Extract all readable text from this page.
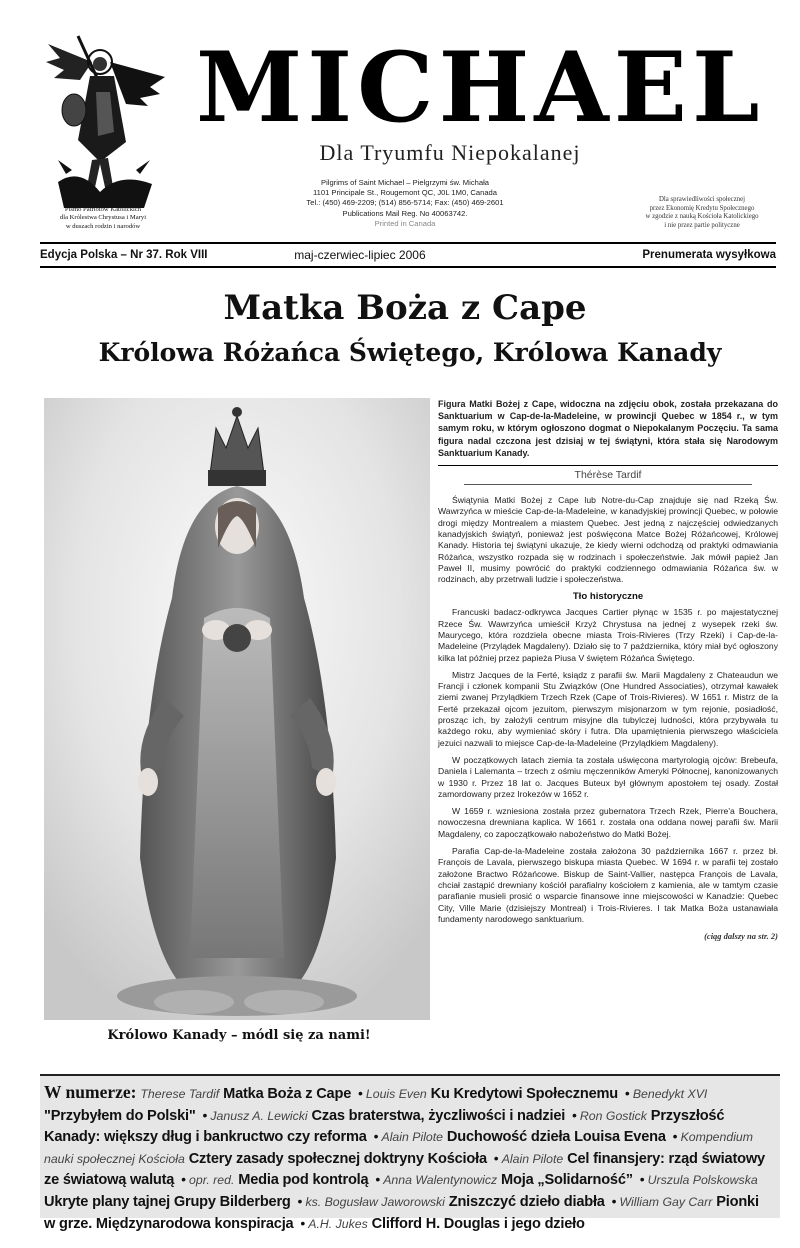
Pismo Patriotów Katolickich
dla Królestwa Chrystusa i Maryi
w duszach rodzin i narodów
MICHAEL
Dla Tryumfu Niepokalanej
Pilgrims of Saint Michael – Pielgrzymi św. Michała
1101 Principale St., Rougemont QC, J0L 1M0, Canada
Tel.: (450) 469-2209; (514) 856-5714; Fax: (450) 469-2601
Publications Mail Reg. No 40063742.
Printed in Canada
Dla sprawiedliwości społecznej
przez Ekonomię Kredytu Społecznego
w zgodzie z nauką Kościoła Katolickiego
i nie przez partie polityczne
Edycja Polska – Nr 37. Rok VIII	maj-czerwiec-lipiec 2006	Prenumerata wysyłkowa
Matka Boża z Cape
Królowa Różańca Świętego, Królowa Kanady
Królowo Kanady – módl się za nami!
Figura Matki Bożej z Cape, widoczna na zdjęciu obok, została przekazana do Sanktuarium w Cap-de-la-Madeleine, w prowincji Quebec w 1854 r., w tym samym roku, w którym ogłoszono dogmat o Niepokalanym Poczęciu. Ta sama figura nadal czczona jest dzisiaj w tej świątyni, która stała się Narodowym Sanktuarium Kanady.
Thérèse Tardif

Świątynia Matki Bożej z Cape lub Notre-du-Cap znajduje się nad Rzeką Św. Wawrzyńca w mieście Cap-de-la-Madeleine, w kanadyjskiej prowincji Quebec, w połowie drogi między Montrealem a miastem Quebec. Jest jedną z najczęściej odwiedzanych kanadyjskich świątyń, ponieważ jest poświęcona Matce Bożej Różańcowej, Królowej Kanady. Historia tej świątyni ukazuje, że kiedy wierni odchodzą od praktyki odmawiania Różańca, wszystko rozpada się w rodzinach i społeczeństwie. Jak mówił papież Jan Paweł II, musimy powrócić do praktyki codziennego odmawiania Różańca św. w rodzinach, aby przetrwali ludzie i społeczeństwa.

Tło historyczne

Francuski badacz-odkrywca Jacques Cartier płynąc w 1535 r. po majestatycznej Rzece Św. Wawrzyńca umieścił Krzyż Chrystusa na jednej z wysepek rzeki św. Maurycego, która rozdziela obecne miasta Trois-Rivieres (Trzy Rzeki) i Cap-de-la-Madeleine (Przylądek Magdaleny). Działo się to 7 października, który miał być ogłoszony kilka lat później przez papieża Piusa V świętem Różańca Świętego.

Mistrz Jacques de la Ferté, ksiądz z parafii św. Marii Magdaleny z Chateaudun we Francji i członek kompanii Stu Związków (One Hundred Associaties), otrzymał kawałek ziemi zwanej Przylądkiem Trzech Rzek (Cape of Trois-Rivieres). W 1651 r. Mistrz de la Ferté przekazał ojcom jezuitom, pierwszym misjonarzom w tym rejonie, posiadłość, prosząc ich, by założyli centrum misyjne dla tubylczej ludności, która przybywała tu każdego roku, aby wymieniać skóry i futra. Dla upamiętnienia pierwszego właściciela jezuici nazwali to miejsce Cap-de-la-Madeleine (Przylądkiem Magdaleny).

W początkowych latach ziemia ta została uświęcona martyrologią ojców: Brebeufa, Daniela i Lalemanta – trzech z ośmiu męczenników Ameryki Północnej, kanonizowanych w 1930 r. Przez 18 lat o. Jacques Buteux był głównym apostołem tej osady. Został zamordowany przez Irokezów w 1652 r.

W 1659 r. wzniesiona została przez gubernatora Trzech Rzek, Pierre'a Bouchera, nowoczesna drewniana kaplica. W 1661 r. została ona oddana nowej parafii św. Marii Magdaleny, co zapoczątkowało nabożeństwo do Matki Bożej.

Parafia Cap-de-la-Madeleine została założona 30 października 1667 r. przez bł. François de Lavala, pierwszego biskupa miasta Quebec. W 1694 r. w parafii tej zostało założone Bractwo Różańcowe. Biskup de Saint-Vallier, następca François de Lavala, chciał zastąpić drewniany kościół parafialny kościołem z kamienia, ale w tamtym czasie parafianie musieli prosić o wsparcie finansowe inne miejscowości w Kanadzie: Quebec City, Ville Marie (dzisiejszy Montreal) i Trois-Rivieres. I tak Matka Boża ustanawiała fundamenty narodowego sanktuarium.

(ciąg dalszy na str. 2)
W numerze: Therese Tardif Matka Boża z Cape • Louis Even Ku Kredytowi Społecznemu • Benedykt XVI "Przybyłem do Polski" • Janusz A. Lewicki Czas braterstwa, życzliwości i nadziei • Ron Gostick Przyszłość Kanady: większy dług i bankructwo czy reforma • Alain Pilote Duchowość dzieła Louisa Evena • Kompendium nauki społecznej Kościoła Cztery zasady społecznej doktryny Kościoła • Alain Pilote Cel finansjery: rząd światowy ze światową walutą • opr. red. Media pod kontrolą • Anna Walentynowicz Moja „Solidarność” • Urszula Polskowska Ukryte plany tajnej Grupy Bilderberg • ks. Bogusław Jaworowski Zniszczyć dzieło diabła • William Gay Carr Pionki w grze. Międzynarodowa konspiracja • A.H. Jukes Clifford H. Douglas i jego dzieło
